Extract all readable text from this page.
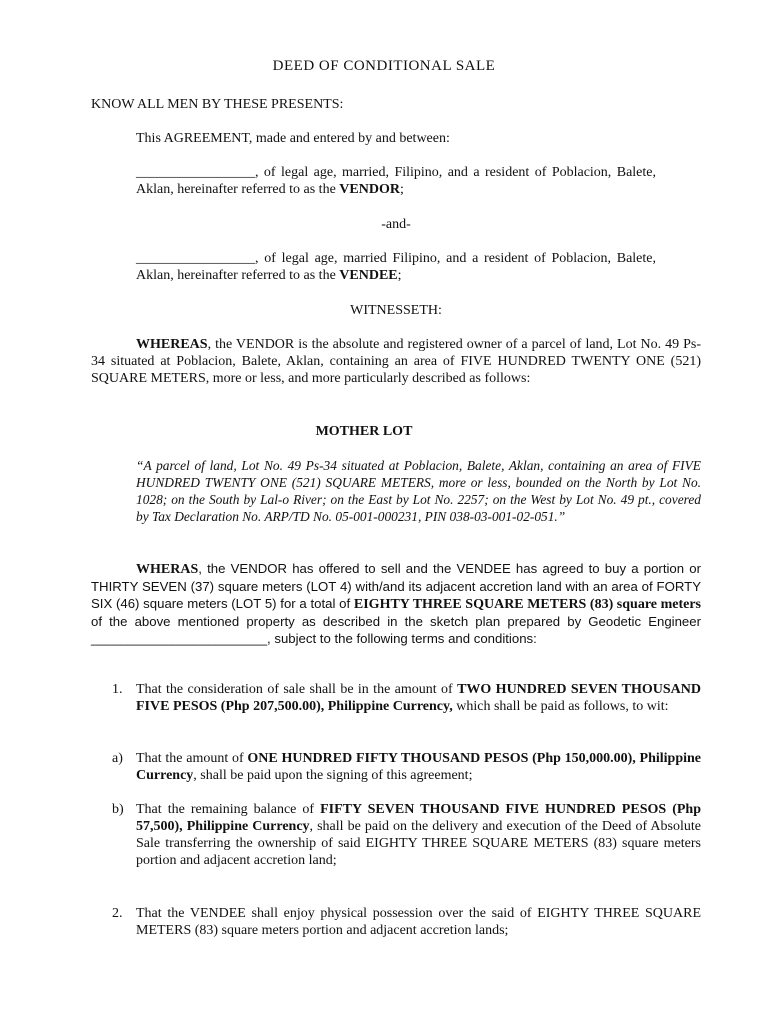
DEED OF CONDITIONAL SALE
KNOW ALL MEN BY THESE PRESENTS:
This AGREEMENT, made and entered by and between:
_________________, of legal age, married, Filipino, and a resident of Poblacion, Balete, Aklan, hereinafter referred to as the VENDOR;
-and-
_________________, of legal age, married Filipino, and a resident of Poblacion, Balete, Aklan, hereinafter referred to as the VENDEE;
WITNESSETH:
WHEREAS, the VENDOR is the absolute and registered owner of a parcel of land, Lot No. 49 Ps-34 situated at Poblacion, Balete, Aklan, containing an area of FIVE HUNDRED TWENTY ONE (521) SQUARE METERS, more or less, and more particularly described as follows:
MOTHER LOT
“A parcel of land, Lot No. 49 Ps-34 situated at Poblacion, Balete, Aklan, containing an area of FIVE HUNDRED TWENTY ONE (521) SQUARE METERS, more or less, bounded on the North by Lot No. 1028; on the South by Lal-o River; on the East by Lot No. 2257; on the West by Lot No. 49 pt., covered by Tax Declaration No. ARP/TD No. 05-001-000231, PIN 038-03-001-02-051.”
WHERAS, the VENDOR has offered to sell and the VENDEE has agreed to buy a portion or THIRTY SEVEN (37) square meters (LOT 4) with/and its adjacent accretion land with an area of FORTY SIX (46) square meters (LOT 5) for a total of EIGHTY THREE SQUARE METERS (83) square meters of the above mentioned property as described in the sketch plan prepared by Geodetic Engineer ________________________, subject to the following terms and conditions:
1. That the consideration of sale shall be in the amount of TWO HUNDRED SEVEN THOUSAND FIVE PESOS (Php 207,500.00), Philippine Currency, which shall be paid as follows, to wit:
a) That the amount of ONE HUNDRED FIFTY THOUSAND PESOS (Php 150,000.00), Philippine Currency, shall be paid upon the signing of this agreement;
b) That the remaining balance of FIFTY SEVEN THOUSAND FIVE HUNDRED PESOS (Php 57,500), Philippine Currency, shall be paid on the delivery and execution of the Deed of Absolute Sale transferring the ownership of said EIGHTY THREE SQUARE METERS (83) square meters portion and adjacent accretion land;
2. That the VENDEE shall enjoy physical possession over the said of EIGHTY THREE SQUARE METERS (83) square meters portion and adjacent accretion lands;
